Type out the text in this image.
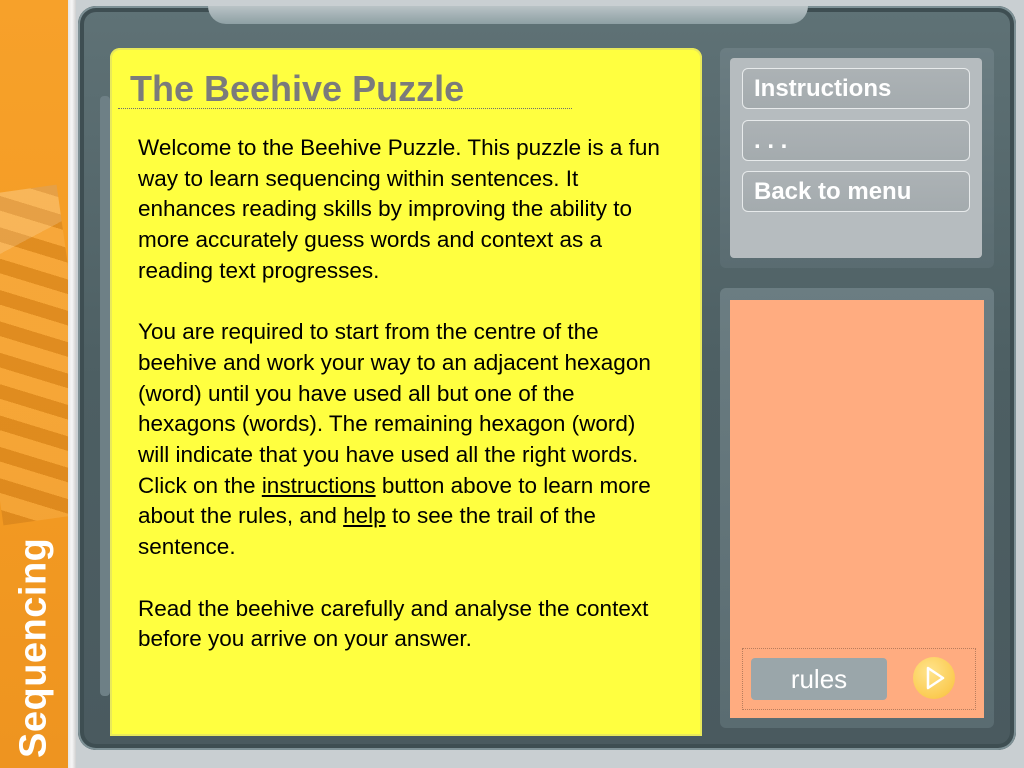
Sequencing
The Beehive Puzzle

Welcome to the Beehive Puzzle. This puzzle is a fun way to learn sequencing within sentences. It enhances reading skills by improving the ability to more accurately guess words and context as a reading text progresses.

You are required to start from the centre of the beehive and work your way to an adjacent hexagon (word) until you have used all but one of the hexagons (words). The remaining hexagon (word) will indicate that you have used all the right words. Click on the instructions button above to learn more about the rules, and help to see the trail of the sentence.

Read the beehive carefully and analyse the context before you arrive on your answer.

Instructions
. . .
Back to menu
rules
